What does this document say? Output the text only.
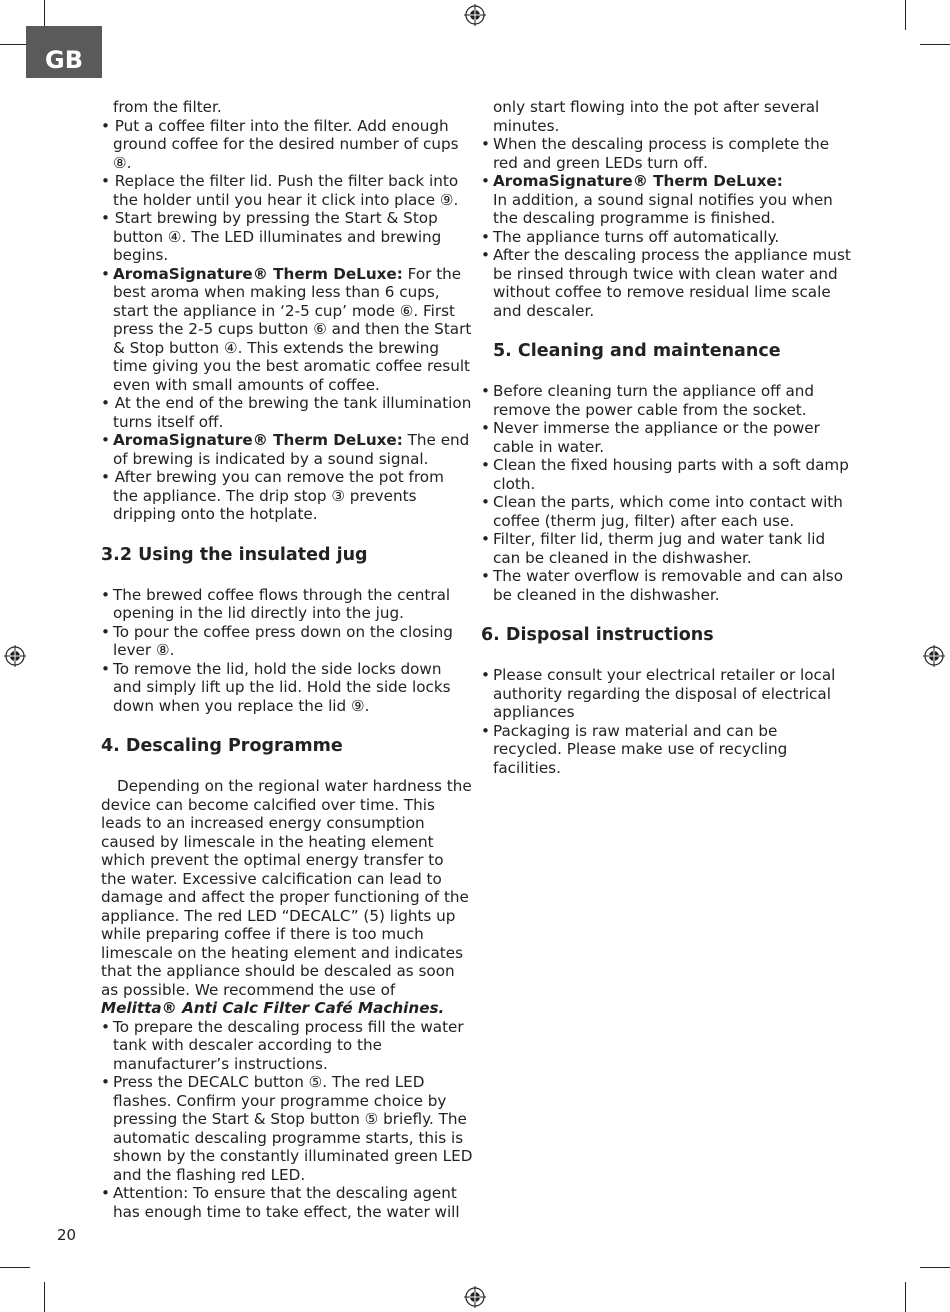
GB

from the filter.

• Put a coffee filter into the filter. Add enough ground coffee for the desired number of cups ⑧.

• Replace the filter lid. Push the filter back into the holder until you hear it click into place ⑨.

• Start brewing by pressing the Start & Stop button ④. The LED illuminates and brewing begins.

• AromaSignature® Therm DeLuxe: For the best aroma when making less than 6 cups, start the appliance in ‘2-5 cup’ mode ⑥. First press the 2-5 cups button ⑥ and then the Start & Stop button ④. This extends the brewing time giving you the best aromatic coffee result even with small amounts of coffee.

• At the end of the brewing the tank illumination turns itself off.

• AromaSignature® Therm DeLuxe: The end of brewing is indicated by a sound signal.

• After brewing you can remove the pot from the appliance. The drip stop ③ prevents dripping onto the hotplate.

3.2 Using the insulated jug

• The brewed coffee flows through the central opening in the lid directly into the jug.

• To pour the coffee press down on the closing lever ⑧.

• To remove the lid, hold the side locks down and simply lift up the lid. Hold the side locks down when you replace the lid ⑨.

4. Descaling Programme

Depending on the regional water hardness the device can become calcified over time. This leads to an increased energy consumption caused by limescale in the heating element which prevent the optimal energy transfer to the water. Excessive calcification can lead to damage and affect the proper functioning of the appliance. The red LED “DECALC” (5) lights up while preparing coffee if there is too much limescale on the heating element and indicates that the appliance should be descaled as soon as possible. We recommend the use of Melitta® Anti Calc Filter Café Machines.

• To prepare the descaling process fill the water tank with descaler according to the manufacturer’s instructions.

• Press the DECALC button ⑤. The red LED flashes. Confirm your programme choice by pressing the Start & Stop button ⑤ briefly. The automatic descaling programme starts, this is shown by the constantly illuminated green LED and the flashing red LED.

• Attention: To ensure that the descaling agent has enough time to take effect, the water will

only start flowing into the pot after several minutes.

• When the descaling process is complete the red and green LEDs turn off.

• AromaSignature® Therm DeLuxe:
In addition, a sound signal notifies you when the descaling programme is finished.

• The appliance turns off automatically.

• After the descaling process the appliance must be rinsed through twice with clean water and without coffee to remove residual lime scale and descaler.

5. Cleaning and maintenance

• Before cleaning turn the appliance off and remove the power cable from the socket.

• Never immerse the appliance or the power cable in water.

• Clean the fixed housing parts with a soft damp cloth.

• Clean the parts, which come into contact with coffee (therm jug, filter) after each use.

• Filter, filter lid, therm jug and water tank lid can be cleaned in the dishwasher.

• The water overflow is removable and can also be cleaned in the dishwasher.

6. Disposal instructions

• Please consult your electrical retailer or local authority regarding the disposal of electrical appliances

• Packaging is raw material and can be recycled. Please make use of recycling facilities.

20
